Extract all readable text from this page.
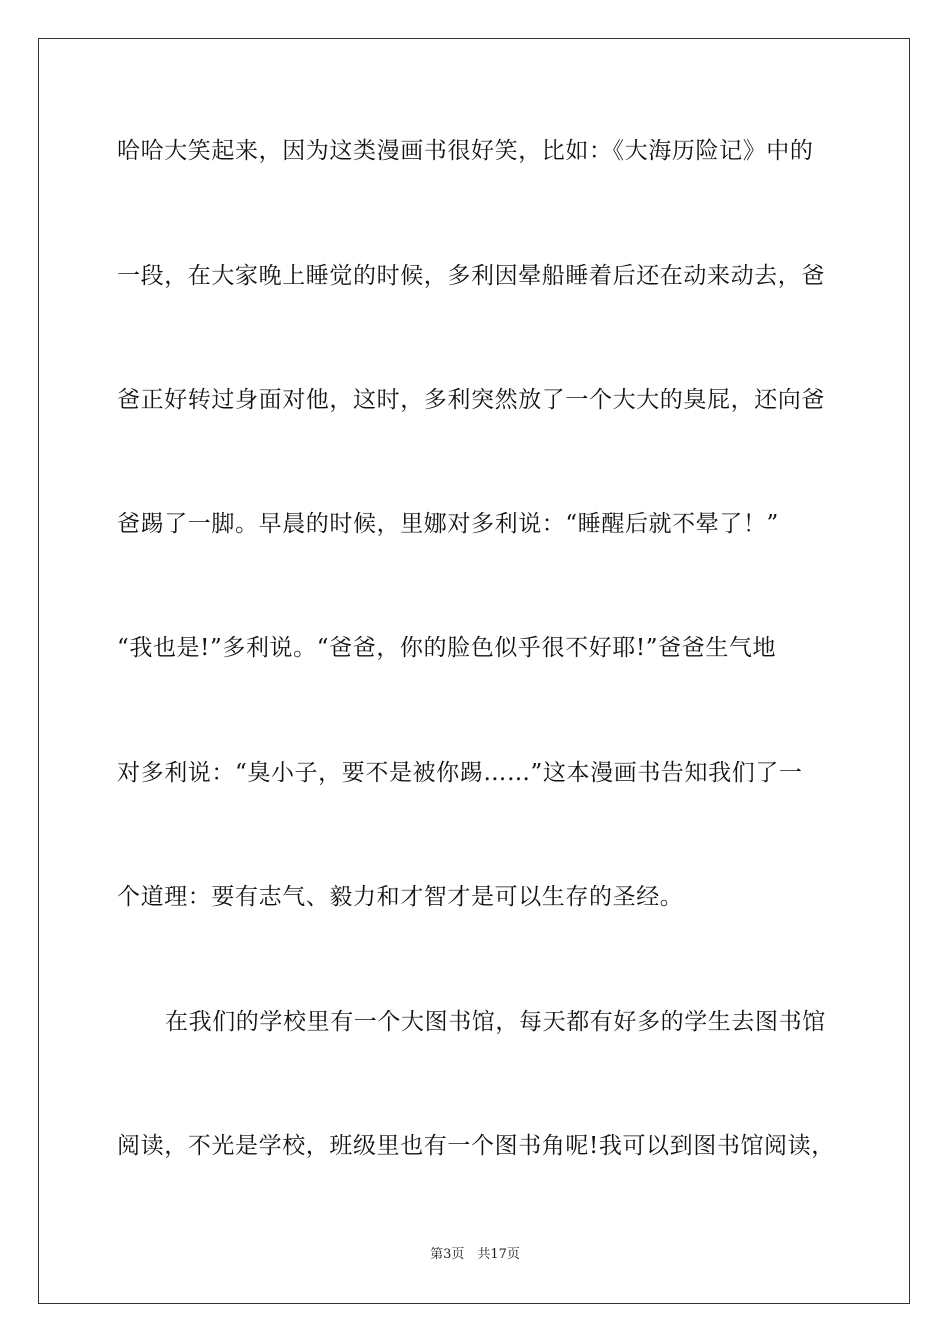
哈哈大笑起来，因为这类漫画书很好笑，比如：《大海历险记》中的
一段，在大家晚上睡觉的时候，多利因晕船睡着后还在动来动去，爸
爸正好转过身面对他，这时，多利突然放了一个大大的臭屁，还向爸
爸踢了一脚。早晨的时候，里娜对多利说：“睡醒后就不晕了！”
“我也是!”多利说。“爸爸，你的脸色似乎很不好耶!”爸爸生气地
对多利说：“臭小子，要不是被你踢……”这本漫画书告知我们了一
个道理：要有志气、毅力和才智才是可以生存的圣经。
在我们的学校里有一个大图书馆，每天都有好多的学生去图书馆
阅读，不光是学校，班级里也有一个图书角呢!我可以到图书馆阅读，
第3页　共17页
